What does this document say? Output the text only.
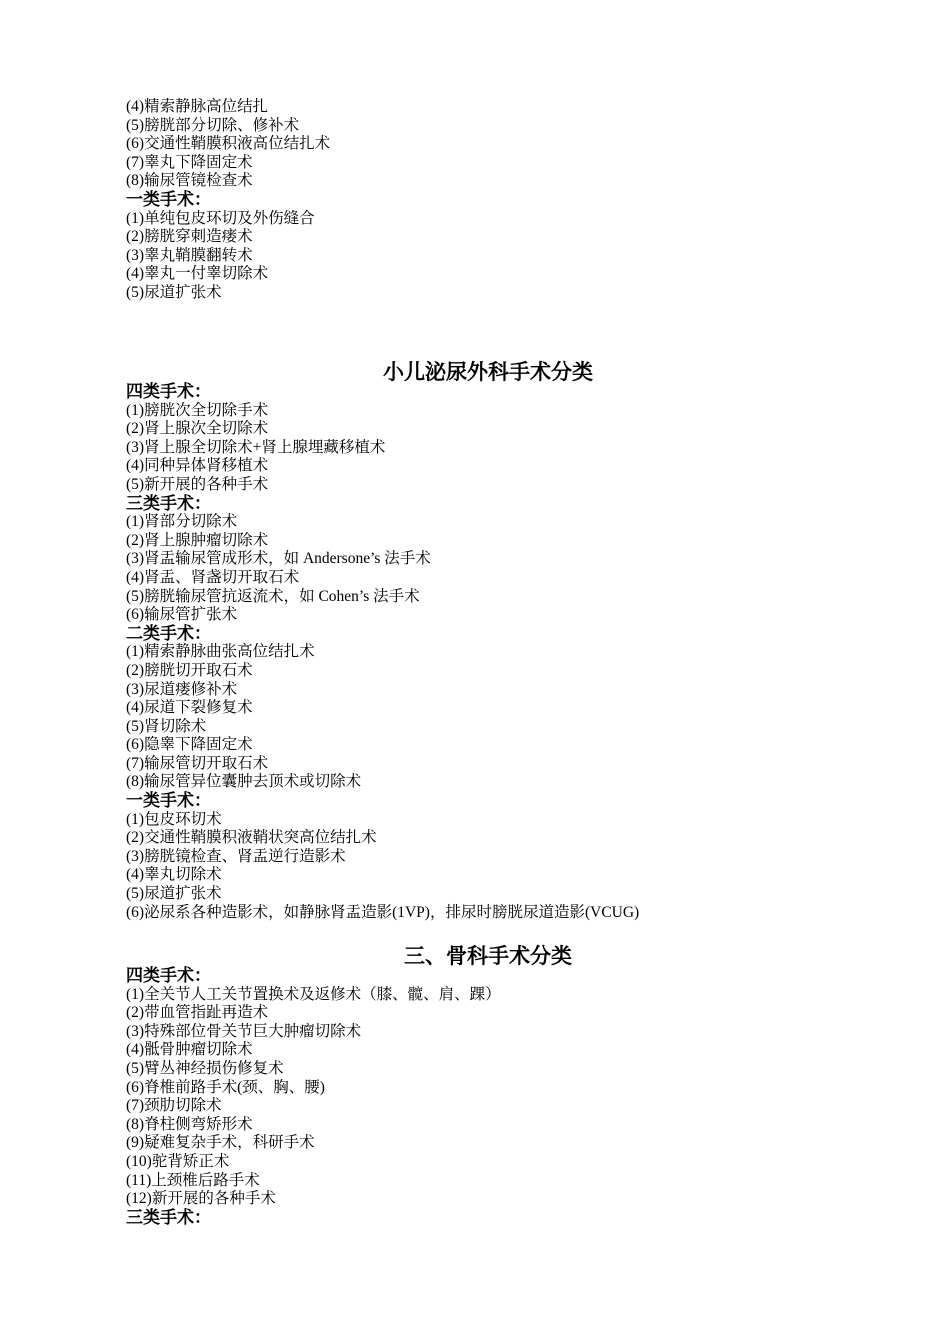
(4)精索静脉高位结扎
(5)膀胱部分切除、修补术
(6)交通性鞘膜积液高位结扎术
(7)睾丸下降固定术
(8)输尿管镜检查术
一类手术：
(1)单纯包皮环切及外伤缝合
(2)膀胱穿刺造瘘术
(3)睾丸鞘膜翻转术
(4)睾丸一付睾切除术
(5)尿道扩张术
小儿泌尿外科手术分类
四类手术：
(1)膀胱次全切除手术
(2)肾上腺次全切除术
(3)肾上腺全切除术+肾上腺埋藏移植术
(4)同种异体肾移植术
(5)新开展的各种手术
三类手术：
(1)肾部分切除术
(2)肾上腺肿瘤切除术
(3)肾盂输尿管成形术，如 Andersone’s 法手术
(4)肾盂、肾盏切开取石术
(5)膀胱输尿管抗返流术，如 Cohen’s 法手术
(6)输尿管扩张术
二类手术：
(1)精索静脉曲张高位结扎术
(2)膀胱切开取石术
(3)尿道瘘修补术
(4)尿道下裂修复术
(5)肾切除术
(6)隐睾下降固定术
(7)输尿管切开取石术
(8)输尿管异位囊肿去顶术或切除术
一类手术：
(1)包皮环切术
(2)交通性鞘膜积液鞘状突高位结扎术
(3)膀胱镜检查、肾盂逆行造影术
(4)睾丸切除术
(5)尿道扩张术
(6)泌尿系各种造影术，如静脉肾盂造影(1VP)，排尿时膀胱尿道造影(VCUG)
三、骨科手术分类
四类手术：
(1)全关节人工关节置换术及返修术（膝、髋、肩、踝）
(2)带血管指趾再造术
(3)特殊部位骨关节巨大肿瘤切除术
(4)骶骨肿瘤切除术
(5)臂丛神经损伤修复术
(6)脊椎前路手术(颈、胸、腰)
(7)颈肋切除术
(8)脊柱侧弯矫形术
(9)疑难复杂手术，科研手术
(10)驼背矫正术
(11)上颈椎后路手术
(12)新开展的各种手术
三类手术：
